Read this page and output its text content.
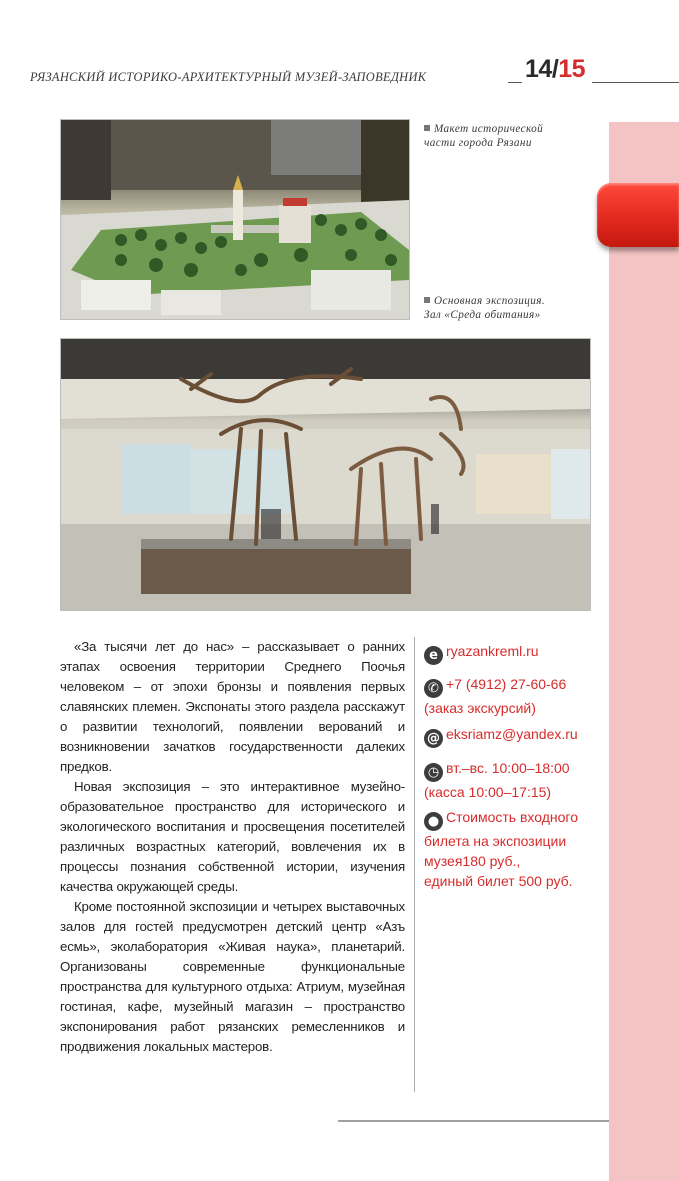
РЯЗАНСКИЙ ИСТОРИКО-АРХИТЕКТУРНЫЙ МУЗЕЙ-ЗАПОВЕДНИК	14/15
Макет исторической
части города Рязани
Основная экспозиция.
Зал «Среда обитания»

«За тысячи лет до нас» – рассказывает о ранних этапах освоения территории Среднего Поочья человеком – от эпохи бронзы и появления первых славянских племен. Экспонаты этого раздела расскажут о развитии технологий, появлении верований и возникновении зачатков государственности далеких предков.

Новая экспозиция – это интерактивное музейно-образовательное пространство для исторического и экологического воспитания и просвещения посетителей различных возрастных категорий, вовлечения их в процессы познания собственной истории, изучения качества окружающей среды.

Кроме постоянной экспозиции и четырех выставочных залов для гостей предусмотрен детский центр «Азъ есмь», эколаборатория «Живая наука», планетарий. Организованы современные функциональные пространства для культурного отдыха: Атриум, музейная гостиная, кафе, музейный магазин – пространство экспонирования работ рязанских ремесленников и продвижения локальных мастеров.

e ryazankreml.ru
✆ +7 (4912) 27-60-66
(заказ экскурсий)
@ eksriamz@yandex.ru
◷ вт.–вс. 10:00–18:00
(касса 10:00–17:15)
● Стоимость входного
билета на экспозиции
музея180 руб.,
единый билет 500 руб.
